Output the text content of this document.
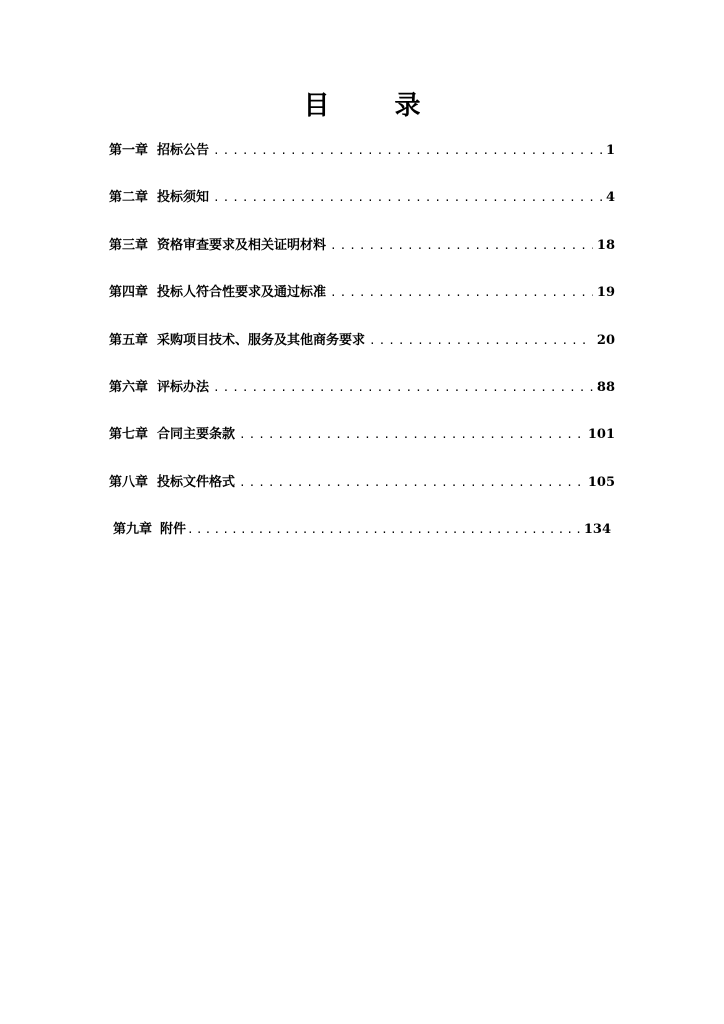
目 录
第一章 招标公告 .....	1
第二章 投标须知 .....	4
第三章 资格审查要求及相关证明材料 .....	18
第四章 投标人符合性要求及通过标准 .....	19
第五章 采购项目技术、服务及其他商务要求 .....	20
第六章 评标办法 .....	88
第七章 合同主要条款 .....	101
第八章 投标文件格式 .....	105
第九章 附件 .....	134
